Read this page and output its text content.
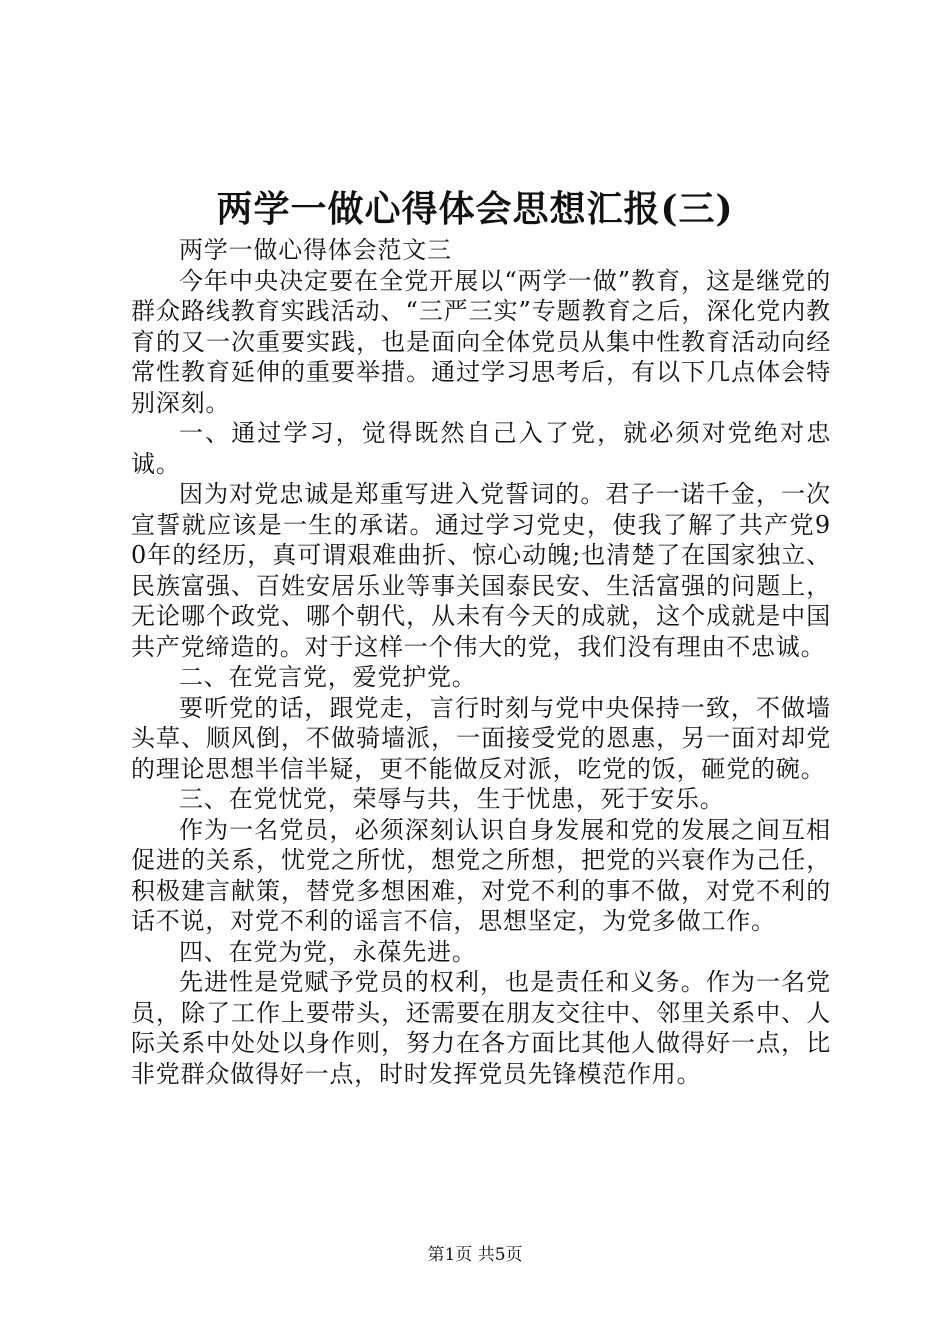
两学一做心得体会思想汇报(三)

两学一做心得体会范文三

今年中央决定要在全党开展以“两学一做”教育，这是继党的群众路线教育实践活动、“三严三实”专题教育之后，深化党内教育的又一次重要实践，也是面向全体党员从集中性教育活动向经常性教育延伸的重要举措。通过学习思考后，有以下几点体会特别深刻。

一、通过学习，觉得既然自己入了党，就必须对党绝对忠诚。

因为对党忠诚是郑重写进入党誓词的。君子一诺千金，一次宣誓就应该是一生的承诺。通过学习党史，使我了解了共产党90年的经历，真可谓艰难曲折、惊心动魄;也清楚了在国家独立、民族富强、百姓安居乐业等事关国泰民安、生活富强的问题上，无论哪个政党、哪个朝代，从未有今天的成就，这个成就是中国共产党缔造的。对于这样一个伟大的党，我们没有理由不忠诚。

二、在党言党，爱党护党。

要听党的话，跟党走，言行时刻与党中央保持一致，不做墙头草、顺风倒，不做骑墙派，一面接受党的恩惠，另一面对却党的理论思想半信半疑，更不能做反对派，吃党的饭，砸党的碗。

三、在党忧党，荣辱与共，生于忧患，死于安乐。

作为一名党员，必须深刻认识自身发展和党的发展之间互相促进的关系，忧党之所忧，想党之所想，把党的兴衰作为己任，积极建言献策，替党多想困难，对党不利的事不做，对党不利的话不说，对党不利的谣言不信，思想坚定，为党多做工作。

四、在党为党，永葆先进。

先进性是党赋予党员的权利，也是责任和义务。作为一名党员，除了工作上要带头，还需要在朋友交往中、邻里关系中、人际关系中处处以身作则，努力在各方面比其他人做得好一点，比非党群众做得好一点，时时发挥党员先锋模范作用。

第1页 共5页
